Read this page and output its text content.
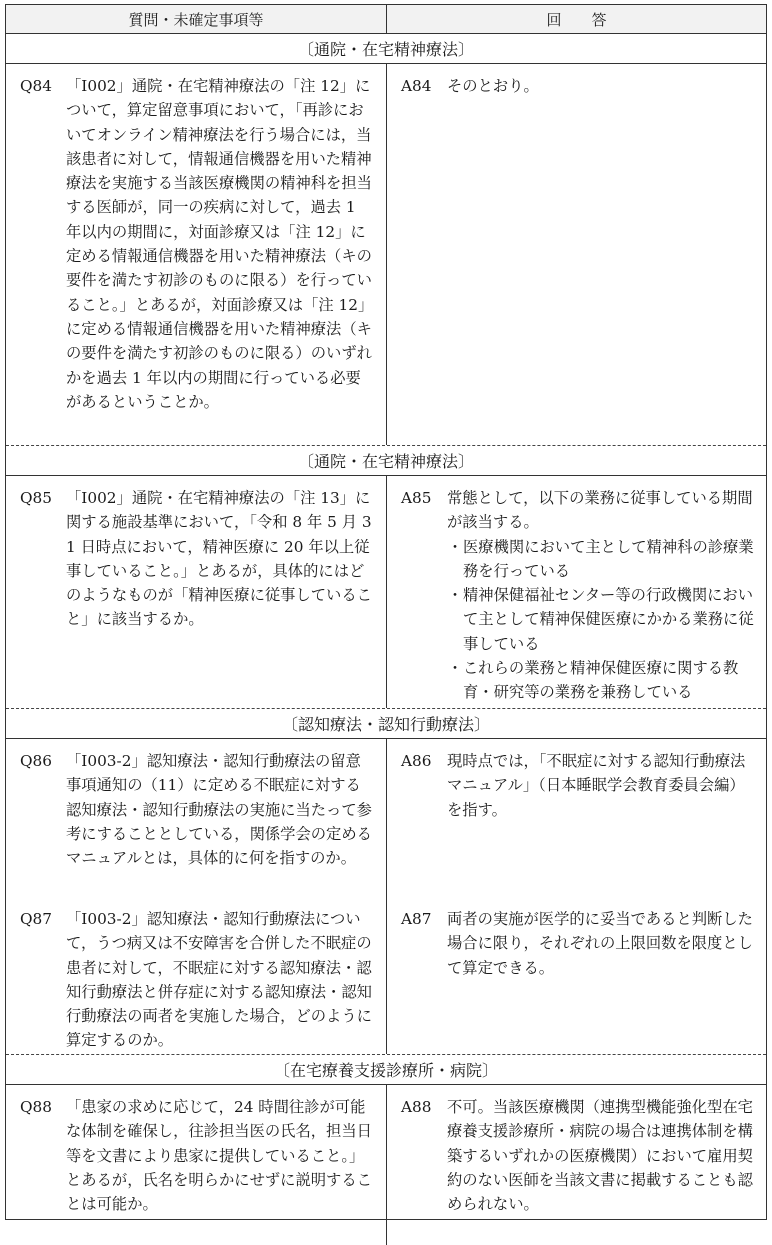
質問・未確定事項等	回　　答
〔通院・在宅精神療法〕
Q84 「I002」通院・在宅精神療法の「注 12」について，算定留意事項において，「再診においてオンライン精神療法を行う場合には，当該患者に対して，情報通信機器を用いた精神療法を実施する当該医療機関の精神科を担当する医師が，同一の疾病に対して，過去 1 年以内の期間に，対面診療又は「注 12」に定める情報通信機器を用いた精神療法（キの要件を満たす初診のものに限る）を行っていること。」とあるが，対面診療又は「注 12」に定める情報通信機器を用いた精神療法（キの要件を満たす初診のものに限る）のいずれかを過去 1 年以内の期間に行っている必要があるということか。
A84	そのとおり。
〔通院・在宅精神療法〕
Q85 「I002」通院・在宅精神療法の「注 13」に関する施設基準において，「令和 8 年 5 月 31 日時点において，精神医療に 20 年以上従事していること。」とあるが，具体的にはどのようなものが「精神医療に従事していること」に該当するか。
A85	常態として，以下の業務に従事している期間が該当する。
・ 医療機関において主として精神科の診療業務を行っている
・ 精神保健福祉センター等の行政機関において主として精神保健医療にかかる業務に従事している
・ これらの業務と精神保健医療に関する教育・研究等の業務を兼務している
〔認知療法・認知行動療法〕
Q86 「I003-2」認知療法・認知行動療法の留意事項通知の（11）に定める不眠症に対する認知療法・認知行動療法の実施に当たって参考にすることとしている，関係学会の定めるマニュアルとは，具体的に何を指すのか。
A86	現時点では，「不眠症に対する認知行動療法マニュアル」（日本睡眠学会教育委員会編）を指す。
Q87 「I003-2」認知療法・認知行動療法について，うつ病又は不安障害を合併した不眠症の患者に対して，不眠症に対する認知療法・認知行動療法と併存症に対する認知療法・認知行動療法の両者を実施した場合，どのように算定するのか。
A87	両者の実施が医学的に妥当であると判断した場合に限り，それぞれの上限回数を限度として算定できる。
〔在宅療養支援診療所・病院〕
Q88 「患家の求めに応じて，24 時間往診が可能な体制を確保し，往診担当医の氏名，担当日等を文書により患家に提供していること。」とあるが，氏名を明らかにせずに説明することは可能か。
A88	不可。当該医療機関（連携型機能強化型在宅療養支援診療所・病院の場合は連携体制を構築するいずれかの医療機関）において雇用契約のない医師を当該文書に掲載することも認められない。
